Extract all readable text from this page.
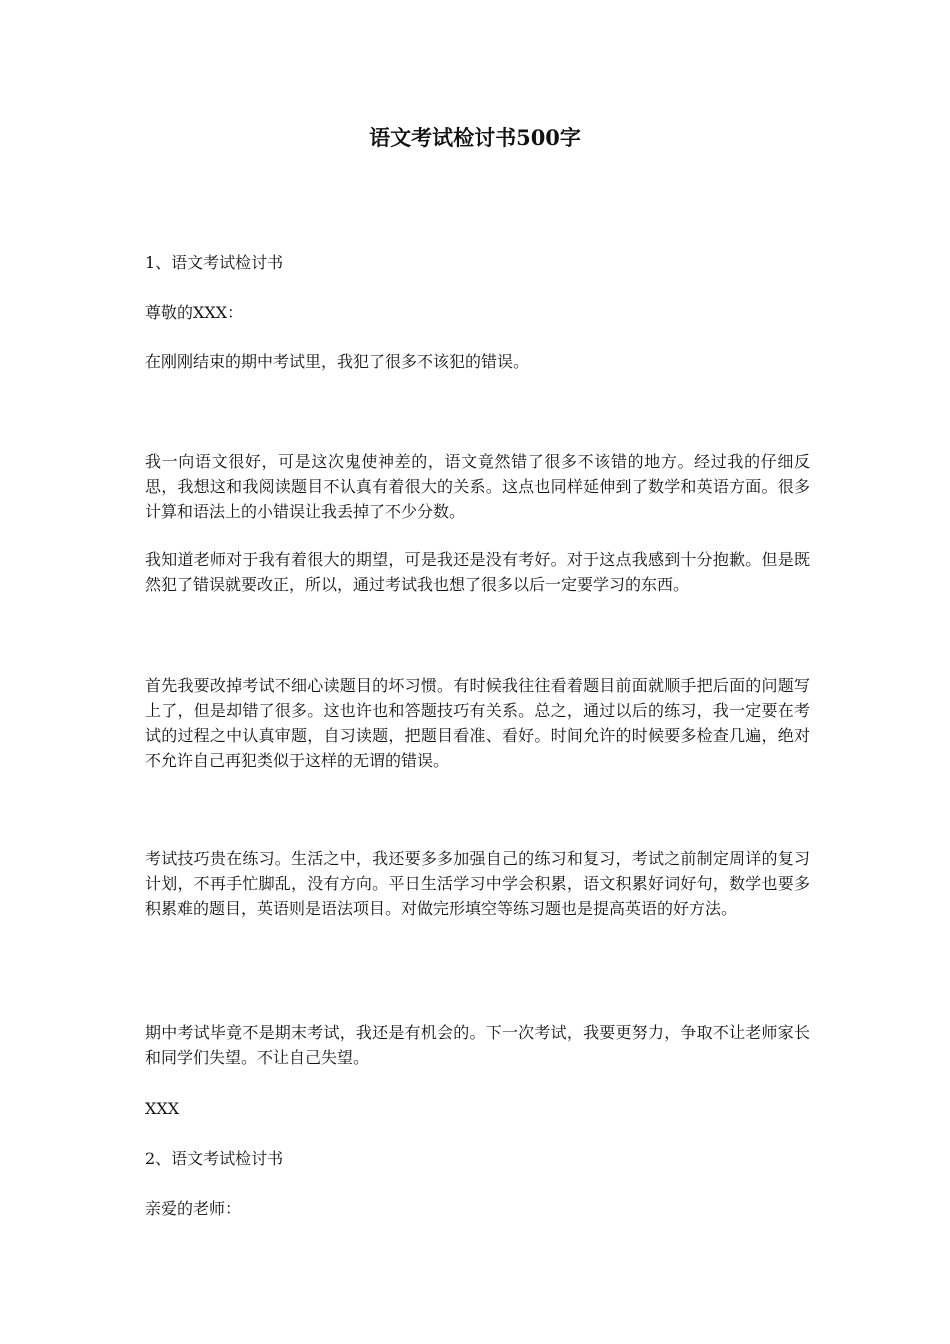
语文考试检讨书500字

1、语文考试检讨书

尊敬的XXX：

在刚刚结束的期中考试里，我犯了很多不该犯的错误。

我一向语文很好，可是这次鬼使神差的，语文竟然错了很多不该错的地方。经过我的仔细反思，我想这和我阅读题目不认真有着很大的关系。这点也同样延伸到了数学和英语方面。很多计算和语法上的小错误让我丢掉了不少分数。

我知道老师对于我有着很大的期望，可是我还是没有考好。对于这点我感到十分抱歉。但是既然犯了错误就要改正，所以，通过考试我也想了很多以后一定要学习的东西。

首先我要改掉考试不细心读题目的坏习惯。有时候我往往看着题目前面就顺手把后面的问题写上了，但是却错了很多。这也许也和答题技巧有关系。总之，通过以后的练习，我一定要在考试的过程之中认真审题，自习读题，把题目看准、看好。时间允许的时候要多检查几遍，绝对不允许自己再犯类似于这样的无谓的错误。

考试技巧贵在练习。生活之中，我还要多多加强自己的练习和复习，考试之前制定周详的复习计划，不再手忙脚乱，没有方向。平日生活学习中学会积累，语文积累好词好句，数学也要多积累难的题目，英语则是语法项目。对做完形填空等练习题也是提高英语的好方法。

期中考试毕竟不是期末考试，我还是有机会的。下一次考试，我要更努力，争取不让老师家长和同学们失望。不让自己失望。

XXX

2、语文考试检讨书

亲爱的老师：
